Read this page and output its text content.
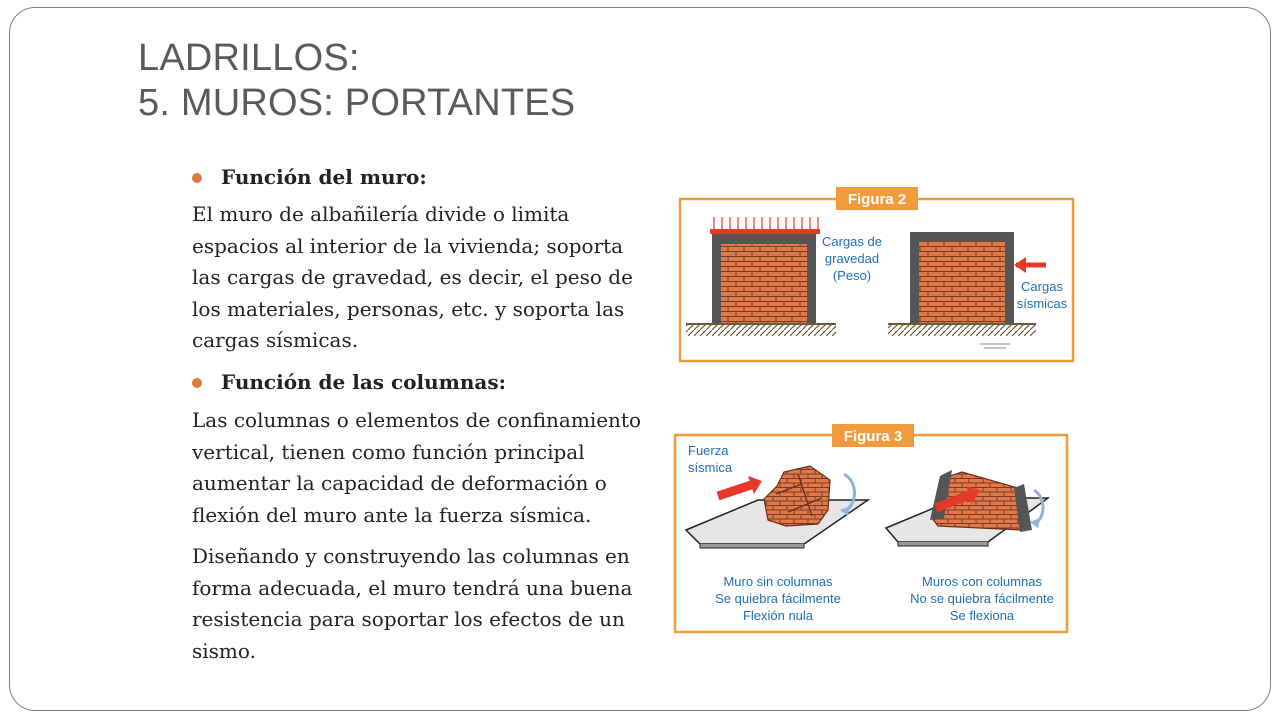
LADRILLOS:
5. MUROS: PORTANTES
Función del muro:
El muro de albañilería divide o limita
espacios al interior de la vivienda; soporta
las cargas de gravedad, es decir, el peso de
los materiales, personas, etc. y soporta las
cargas sísmicas.
Función de las columnas:
Las columnas o elementos de confinamiento
vertical, tienen como función principal
aumentar la capacidad de deformación o
flexión del muro ante la fuerza sísmica.
Diseñando y construyendo las columnas en
forma adecuada, el muro tendrá una buena
resistencia para soportar los efectos de un
sismo.
Figura 2
Cargas de
gravedad
(Peso)
Cargas
sísmicas
Figura 3
Fuerza
sísmica
Muro sin columnas
Se quiebra fácilmente
Flexión nula
Muros con columnas
No se quiebra fácilmente
Se flexiona
